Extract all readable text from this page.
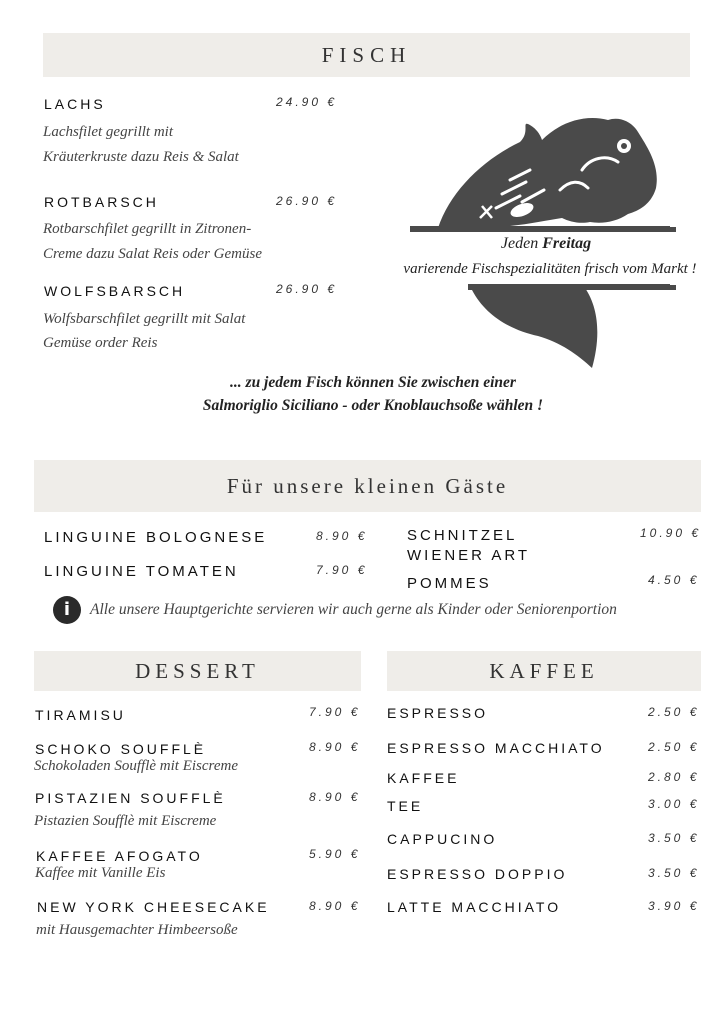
FISCH
LACHS	24.90 €
Lachsfilet gegrillt mit
Kräuterkruste dazu Reis & Salat
ROTBARSCH	26.90 €
Rotbarschfilet gegrillt in Zitronen-
Creme dazu Salat Reis oder Gemüse
WOLFSBARSCH	26.90 €
Wolfsbarschfilet gegrillt mit Salat
Gemüse order Reis
Jeden Freitag
varierende Fischspezialitäten frisch vom Markt !
... zu jedem Fisch können Sie zwischen einer
Salmoriglio Siciliano - oder Knoblauchsoße wählen !
Für unsere kleinen Gäste
LINGUINE BOLOGNESE	8.90 €
LINGUINE TOMATEN	7.90 €
SCHNITZEL
WIENER ART
10.90 €
POMMES	4.50 €
i	Alle unsere Hauptgerichte servieren wir auch gerne als Kinder oder Seniorenportion
DESSERT
TIRAMISU	7.90 €
SCHOKO SOUFFLÈ	8.90 €
Schokoladen Soufflè mit Eiscreme
PISTAZIEN SOUFFLÈ	8.90 €
Pistazien Soufflè mit Eiscreme
KAFFEE AFOGATO	5.90 €
Kaffee mit Vanille Eis
NEW YORK CHEESECAKE	8.90 €
mit Hausgemachter Himbeersoße
KAFFEE
ESPRESSO	2.50 €
ESPRESSO MACCHIATO	2.50 €
KAFFEE	2.80 €
TEE	3.00 €
CAPPUCINO	3.50 €
ESPRESSO DOPPIO	3.50 €
LATTE MACCHIATO	3.90 €
